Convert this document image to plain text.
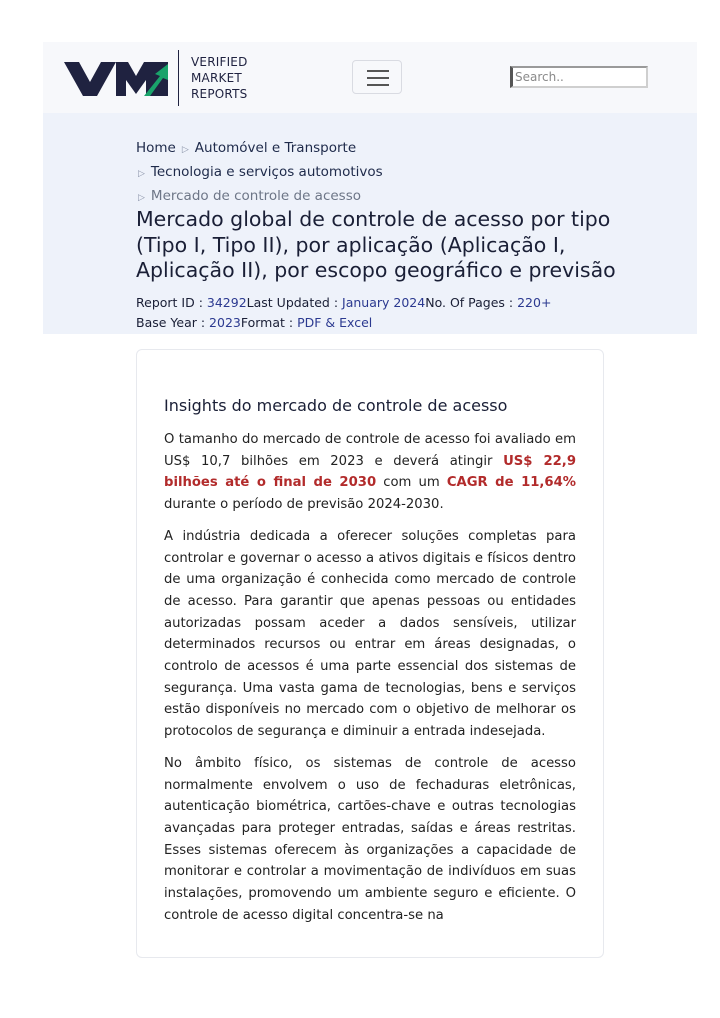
VERIFIED
MARKET
REPORTS
Search..
Home ▷ Automóvel e Transporte
▷ Tecnologia e serviços automotivos
▷ Mercado de controle de acesso
Mercado global de controle de acesso por tipo (Tipo I, Tipo II), por aplicação (Aplicação I, Aplicação II), por escopo geográfico e previsão
Report ID : 34292Last Updated : January 2024No. Of Pages : 220+
Base Year : 2023Format : PDF & Excel
Insights do mercado de controle de acesso

O tamanho do mercado de controle de acesso foi avaliado em US$ 10,7 bilhões em 2023 e deverá atingir US$ 22,9 bilhões até o final de 2030 com um CAGR de 11,64% durante o período de previsão 2024-2030.

A indústria dedicada a oferecer soluções completas para controlar e governar o acesso a ativos digitais e físicos dentro de uma organização é conhecida como mercado de controle de acesso. Para garantir que apenas pessoas ou entidades autorizadas possam aceder a dados sensíveis, utilizar determinados recursos ou entrar em áreas designadas, o controlo de acessos é uma parte essencial dos sistemas de segurança. Uma vasta gama de tecnologias, bens e serviços estão disponíveis no mercado com o objetivo de melhorar os protocolos de segurança e diminuir a entrada indesejada.

No âmbito físico, os sistemas de controle de acesso normalmente envolvem o uso de fechaduras eletrônicas, autenticação biométrica, cartões-chave e outras tecnologias avançadas para proteger entradas, saídas e áreas restritas. Esses sistemas oferecem às organizações a capacidade de monitorar e controlar a movimentação de indivíduos em suas instalações, promovendo um ambiente seguro e eficiente. O controle de acesso digital concentra-se na
